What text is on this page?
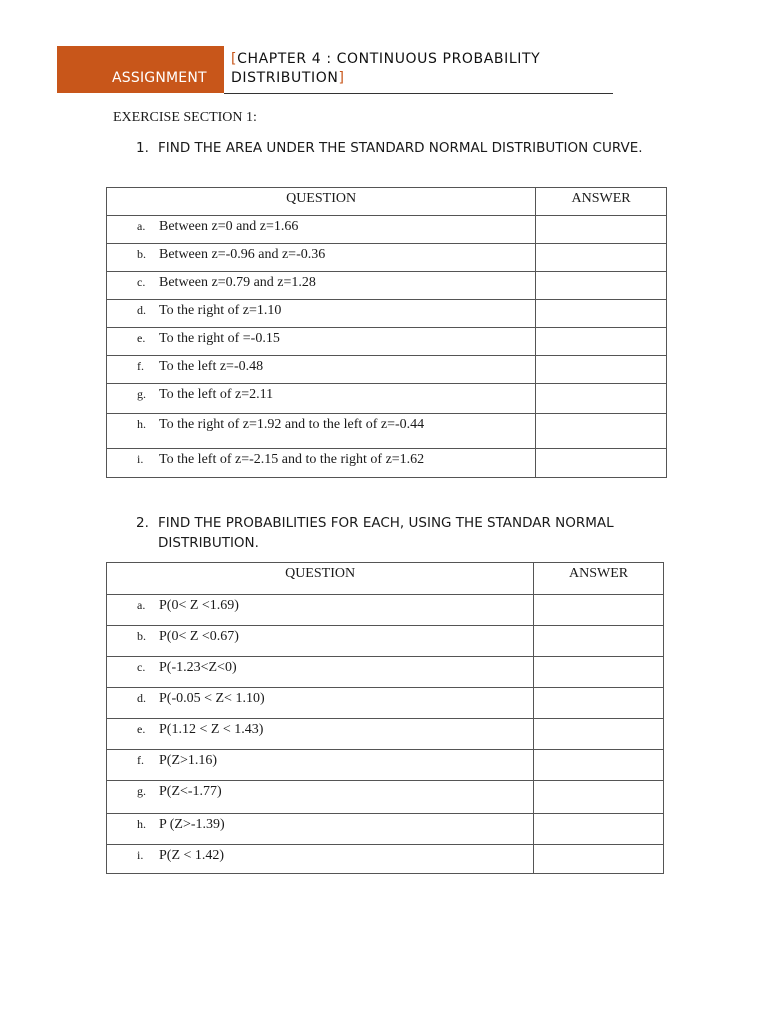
ASSIGNMENT
[CHAPTER 4 : CONTINUOUS PROBABILITY
DISTRIBUTION]
EXERCISE SECTION 1:
1. FIND THE AREA UNDER THE STANDARD NORMAL DISTRIBUTION CURVE.
QUESTION	ANSWER

a. Between z=0 and z=1.66	

b. Between z=-0.96 and z=-0.36	

c. Between z=0.79 and z=1.28	

d. To the right of z=1.10	

e. To the right of =-0.15	

f. To the left z=-0.48	

g. To the left of z=2.11	

h. To the right of z=1.92 and to the left of z=-0.44	

i. To the left of z=-2.15 and to the right of z=1.62	

2. FIND THE PROBABILITIES FOR EACH, USING THE STANDAR NORMAL DISTRIBUTION.
QUESTION	ANSWER

a. P(0< Z <1.69)	

b. P(0< Z <0.67)	

c. P(-1.23<Z<0)	

d. P(-0.05 < Z< 1.10)	

e. P(1.12 < Z < 1.43)	

f. P(Z>1.16)	

g. P(Z<-1.77)	

h. P (Z>-1.39)	

i. P(Z < 1.42)	
